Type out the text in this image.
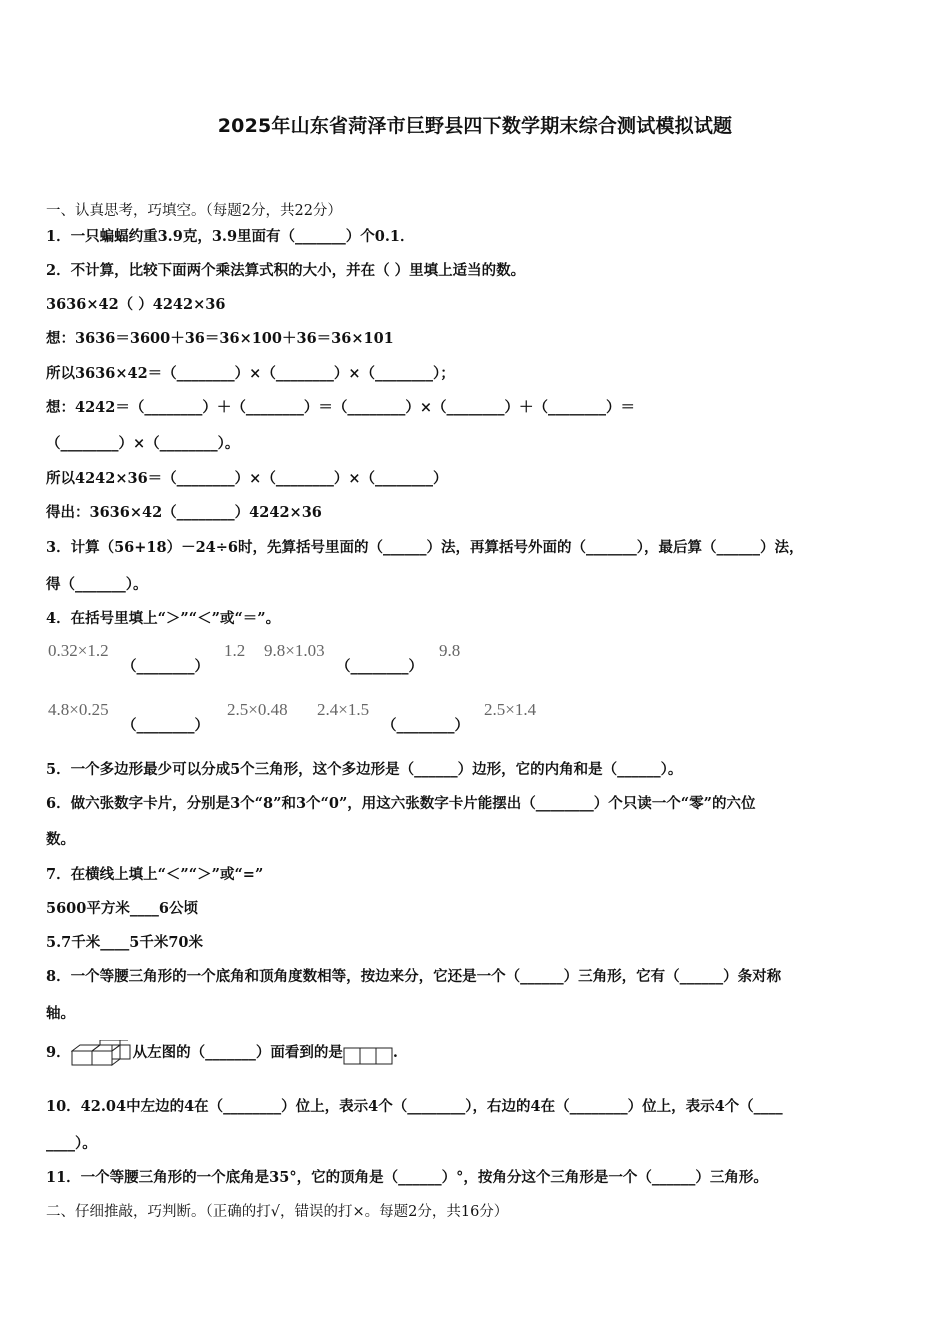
2025年山东省菏泽市巨野县四下数学期末综合测试模拟试题
一、认真思考，巧填空。（每题2分，共22分）
1．一只蝙蝠约重3.9克，3.9里面有（_______）个0.1．
2．不计算，比较下面两个乘法算式积的大小，并在（ ）里填上适当的数。
3636×42（ ）4242×36
想：3636＝3600＋36＝36×100＋36＝36×101
所以3636×42＝（________）×（________）×（________）；
想：4242＝（________）＋（________）＝（________）×（________）＋（________）＝
（________）×（________）。
所以4242×36＝（________）×（________）×（________）
得出：3636×42（________）4242×36
3．计算（56+18）－24÷6时，先算括号里面的（______）法，再算括号外面的（_______），最后算（______）法，
得（_______）。
4．在括号里填上“＞”“＜”或“＝”。
0.32×1.2
（________）
1.2 9.8×1.03
（________）
9.8
4.8×0.25
（________）
2.5×0.48 2.4×1.5
（________）
2.5×1.4
5．一个多边形最少可以分成5个三角形，这个多边形是（______）边形，它的内角和是（______）。
6．做六张数字卡片，分别是3个“8”和3个“0”，用这六张数字卡片能摆出（________）个只读一个“零”的六位
数。
7．在横线上填上“＜”“＞”或“=”
5600平方米____6公顷
5.7千米____5千米70米
8．一个等腰三角形的一个底角和顶角度数相等，按边来分，它还是一个（______）三角形，它有（______）条对称
轴。
9．	从左图的（_______）面看到的是	.
10．42.04中左边的4在（________）位上，表示4个（________），右边的4在（________）位上，表示4个（____
____）。
11．一个等腰三角形的一个底角是35°，它的顶角是（______）°，按角分这个三角形是一个（______）三角形。
二、仔细推敲，巧判断。（正确的打√，错误的打×。每题2分，共16分）
